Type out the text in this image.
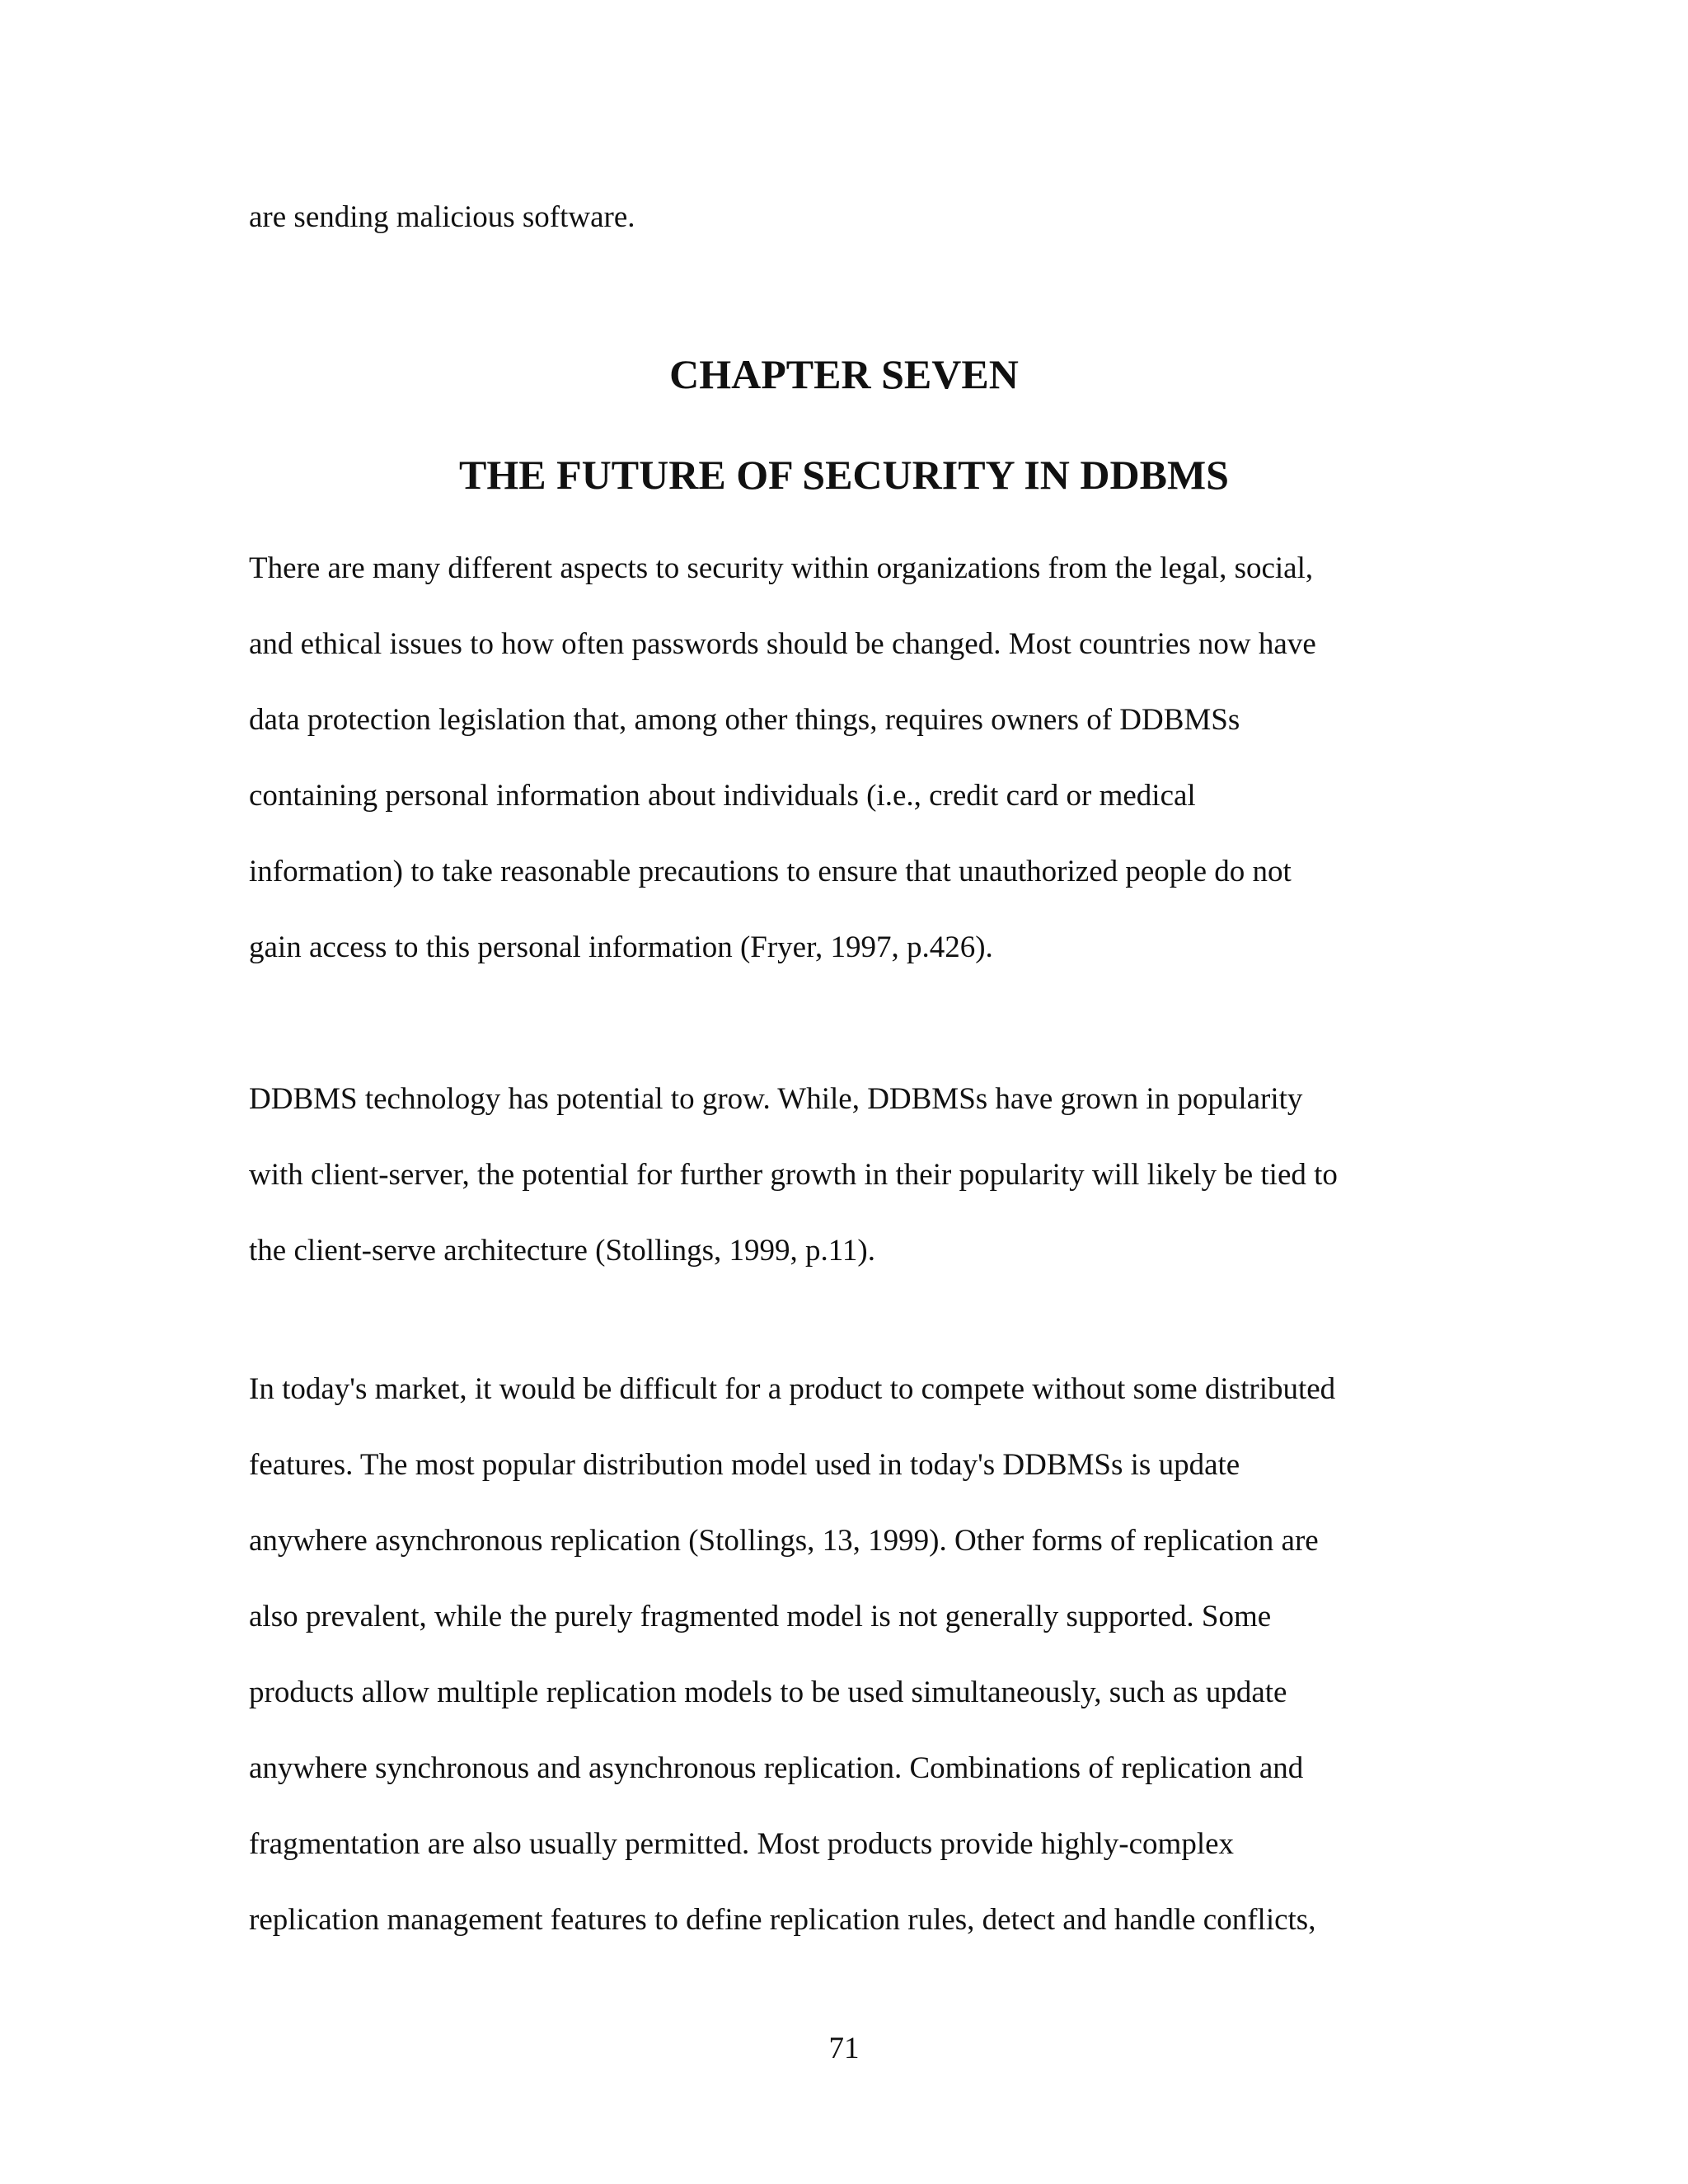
are sending malicious software.

CHAPTER SEVEN
THE FUTURE OF SECURITY IN DDBMS

There are many different aspects to security within organizations from the legal, social,

and ethical issues to how often passwords should be changed. Most countries now have

data protection legislation that, among other things, requires owners of DDBMSs

containing personal information about individuals (i.e., credit card or medical

information) to take reasonable precautions to ensure that unauthorized people do not

gain access to this personal information (Fryer, 1997, p.426).

DDBMS technology has potential to grow. While, DDBMSs have grown in popularity

with client-server, the potential for further growth in their popularity will likely be tied to

the client-serve architecture (Stollings, 1999, p.11).

In today's market, it would be difficult for a product to compete without some distributed

features. The most popular distribution model used in today's DDBMSs is update

anywhere asynchronous replication (Stollings, 13, 1999). Other forms of replication are

also prevalent, while the purely fragmented model is not generally supported. Some

products allow multiple replication models to be used simultaneously, such as update

anywhere synchronous and asynchronous replication. Combinations of replication and

fragmentation are also usually permitted. Most products provide highly-complex

replication management features to define replication rules, detect and handle conflicts,

71
